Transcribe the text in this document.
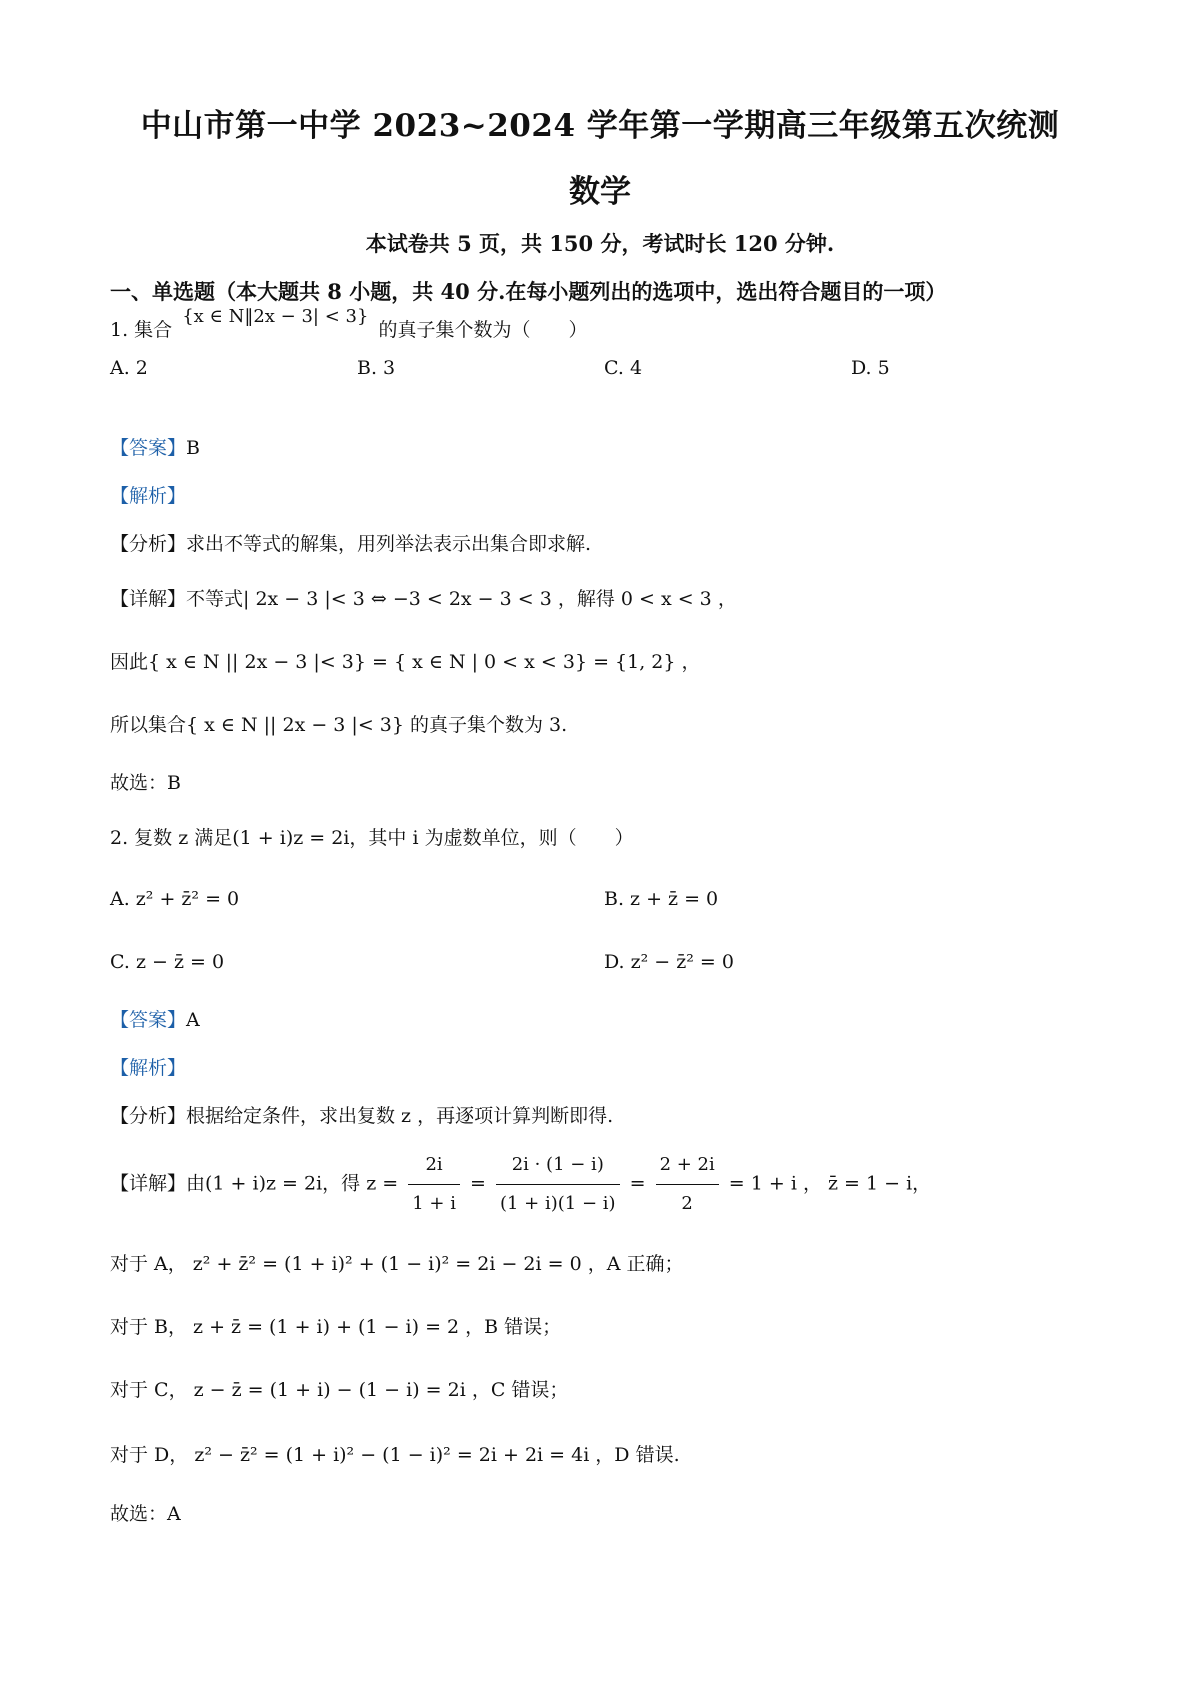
中山市第一中学 2023~2024 学年第一学期高三年级第五次统测
数学
本试卷共 5 页，共 150 分，考试时长 120 分钟.
一、单选题（本大题共 8 小题，共 40 分.在每小题列出的选项中，选出符合题目的一项）
1. 集合 {x ∈ N‖2x − 3| < 3} 的真子集个数为（　　）
A. 2	B. 3	C. 4	D. 5
【答案】B
【解析】
【分析】求出不等式的解集，用列举法表示出集合即求解.
【详解】不等式| 2x − 3 |< 3 ⇔ −3 < 2x − 3 < 3 ，解得 0 < x < 3 ，
因此{ x ∈ N || 2x − 3 |< 3} = { x ∈ N | 0 < x < 3} = {1, 2} ，
所以集合{ x ∈ N || 2x − 3 |< 3} 的真子集个数为 3.
故选：B
2. 复数 z 满足(1 + i)z = 2i，其中 i 为虚数单位，则（　　）
A. z² + z̄² = 0	B. z + z̄ = 0
C. z − z̄ = 0	D. z² − z̄² = 0
【答案】A
【解析】
【分析】根据给定条件，求出复数 z ，再逐项计算判断即得.
【详解】由(1 + i)z = 2i，得 $z = \frac{2i}{1 + i} = \frac{2i \cdot (1 - i)}{(1 + i)(1 - i)} = \frac{2 + 2i}{2} = 1 + i$ ， z̄ = 1 − i，
对于 A， z² + z̄² = (1 + i)² + (1 − i)² = 2i − 2i = 0 ，A 正确；
对于 B， z + z̄ = (1 + i) + (1 − i) = 2 ，B 错误；
对于 C， z − z̄ = (1 + i) − (1 − i) = 2i ，C 错误；
对于 D， z² − z̄² = (1 + i)² − (1 − i)² = 2i + 2i = 4i ，D 错误.
故选：A
